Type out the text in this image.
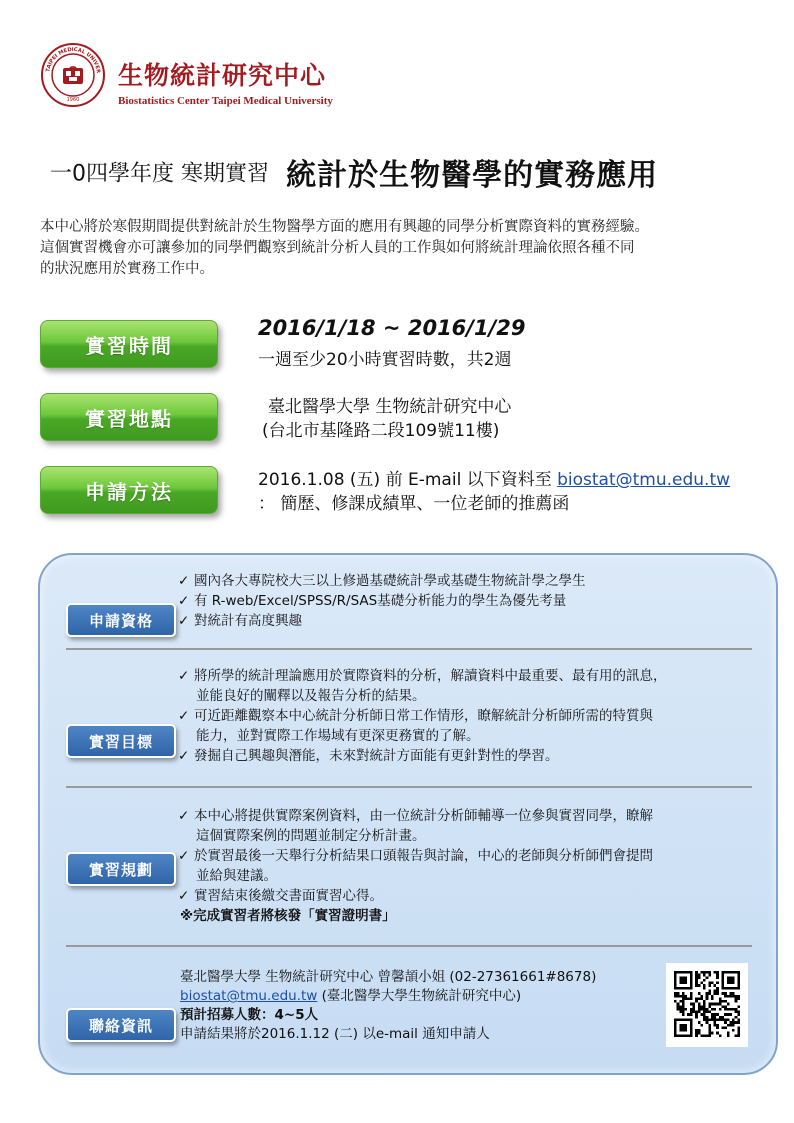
TAIPEI MEDICAL UNIVER
1960
生物統計研究中心
Biostatistics Center Taipei Medical University
一0四學年度 寒期實習 統計於生物醫學的實務應用

本中心將於寒假期間提供對統計於生物醫學方面的應用有興趣的同學分析實際資料的實務經驗。

這個實習機會亦可讓參加的同學們觀察到統計分析人員的工作與如何將統計理論依照各種不同

的狀況應用於實務工作中。

實習時間
2016/1/18 ~ 2016/1/29
一週至少20小時實習時數，共2週
實習地點	臺北醫學大學 生物統計研究中心
(台北市基隆路二段109號11樓)
申請方法	2016.1.08 (五) 前 E-mail 以下資料至 biostat@tmu.edu.tw
： 簡歷、修課成績單、一位老師的推薦函
申請資格
✓ 國內各大專院校大三以上修過基礎統計學或基礎生物統計學之學生
✓ 有 R-web/Excel/SPSS/R/SAS基礎分析能力的學生為優先考量
✓ 對統計有高度興趣
實習目標
✓ 將所學的統計理論應用於實際資料的分析，解讀資料中最重要、最有用的訊息，
並能良好的闡釋以及報告分析的結果。
✓ 可近距離觀察本中心統計分析師日常工作情形，瞭解統計分析師所需的特質與
能力，並對實際工作場域有更深更務實的了解。
✓ 發掘自己興趣與潛能，未來對統計方面能有更針對性的學習。
實習規劃
✓ 本中心將提供實際案例資料，由一位統計分析師輔導一位參與實習同學，瞭解
這個實際案例的問題並制定分析計畫。
✓ 於實習最後一天舉行分析結果口頭報告與討論，中心的老師與分析師們會提問
並給與建議。
✓ 實習結束後繳交書面實習心得。
※完成實習者將核發「實習證明書」
聯絡資訊

臺北醫學大學 生物統計研究中心 曾馨頡小姐 (02-27361661#8678)

biostat@tmu.edu.tw (臺北醫學大學生物統計研究中心)

預計招募人數：4~5人

申請結果將於2016.1.12 (二) 以e-mail 通知申請人
